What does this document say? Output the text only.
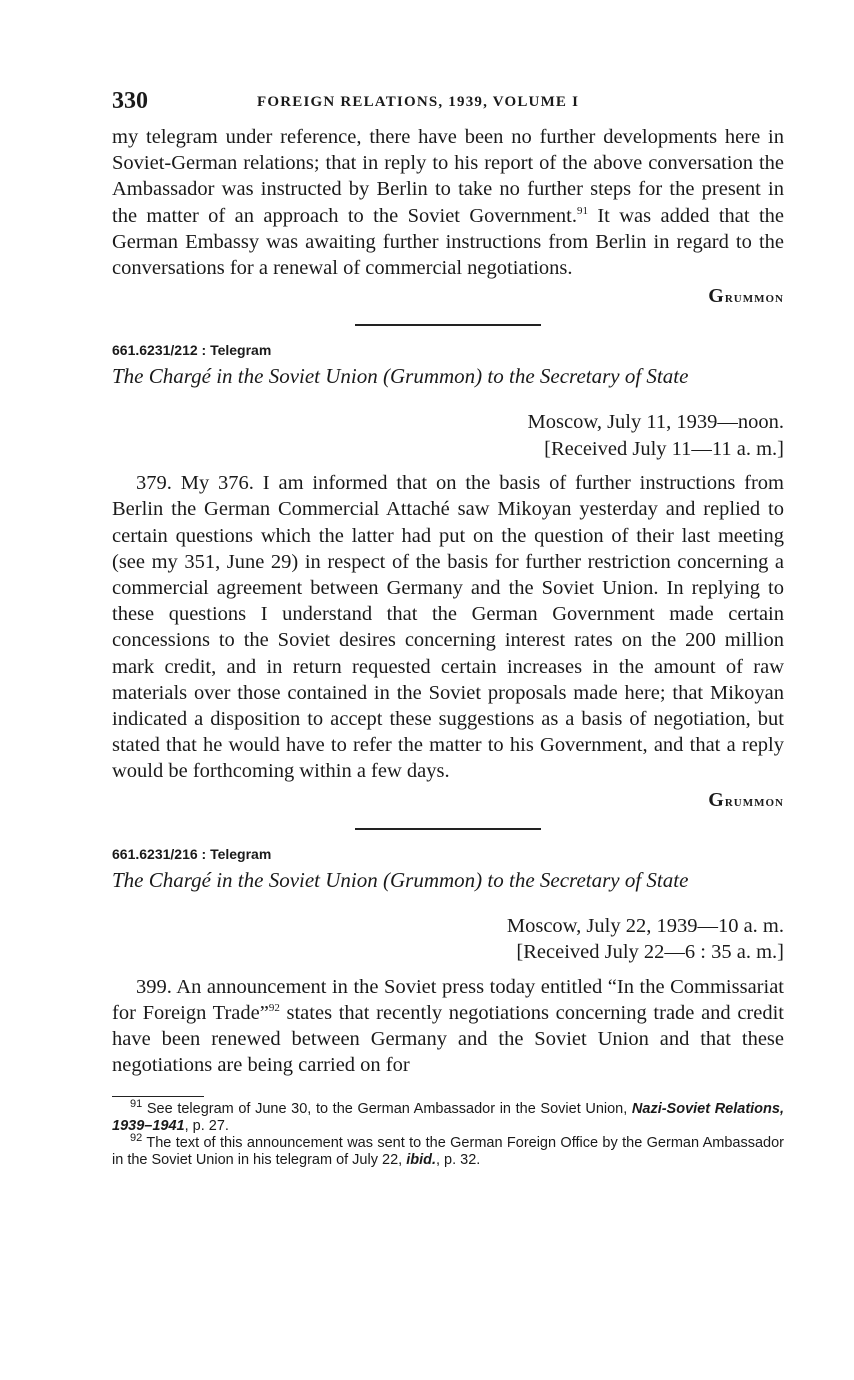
330	FOREIGN RELATIONS, 1939, VOLUME I

my telegram under reference, there have been no further developments here in Soviet-German relations; that in reply to his report of the above conversation the Ambassador was instructed by Berlin to take no further steps for the present in the matter of an approach to the Soviet Government.$^{91}$ It was added that the German Embassy was awaiting further instructions from Berlin in regard to the conversations for a renewal of commercial negotiations.

Grummon
661.6231/212 : Telegram
The Chargé in the Soviet Union (Grummon) to the Secretary of State
Moscow, July 11, 1939—noon.
[Received July 11—11 a. m.]

379. My 376. I am informed that on the basis of further instructions from Berlin the German Commercial Attaché saw Mikoyan yesterday and replied to certain questions which the latter had put on the question of their last meeting (see my 351, June 29) in respect of the basis for further restriction concerning a commercial agreement between Germany and the Soviet Union. In replying to these questions I understand that the German Government made certain concessions to the Soviet desires concerning interest rates on the 200 million mark credit, and in return requested certain increases in the amount of raw materials over those contained in the Soviet proposals made here; that Mikoyan indicated a disposition to accept these suggestions as a basis of negotiation, but stated that he would have to refer the matter to his Government, and that a reply would be forthcoming within a few days.

Grummon
661.6231/216 : Telegram
The Chargé in the Soviet Union (Grummon) to the Secretary of State
Moscow, July 22, 1939—10 a. m.
[Received July 22—6 : 35 a. m.]

399. An announcement in the Soviet press today entitled “In the Commissariat for Foreign Trade”$^{92}$ states that recently negotiations concerning trade and credit have been renewed between Germany and the Soviet Union and that these negotiations are being carried on for

$^{91}$ See telegram of June 30, to the German Ambassador in the Soviet Union, Nazi-Soviet Relations, 1939–1941, p. 27.

$^{92}$ The text of this announcement was sent to the German Foreign Office by the German Ambassador in the Soviet Union in his telegram of July 22, ibid., p. 32.
